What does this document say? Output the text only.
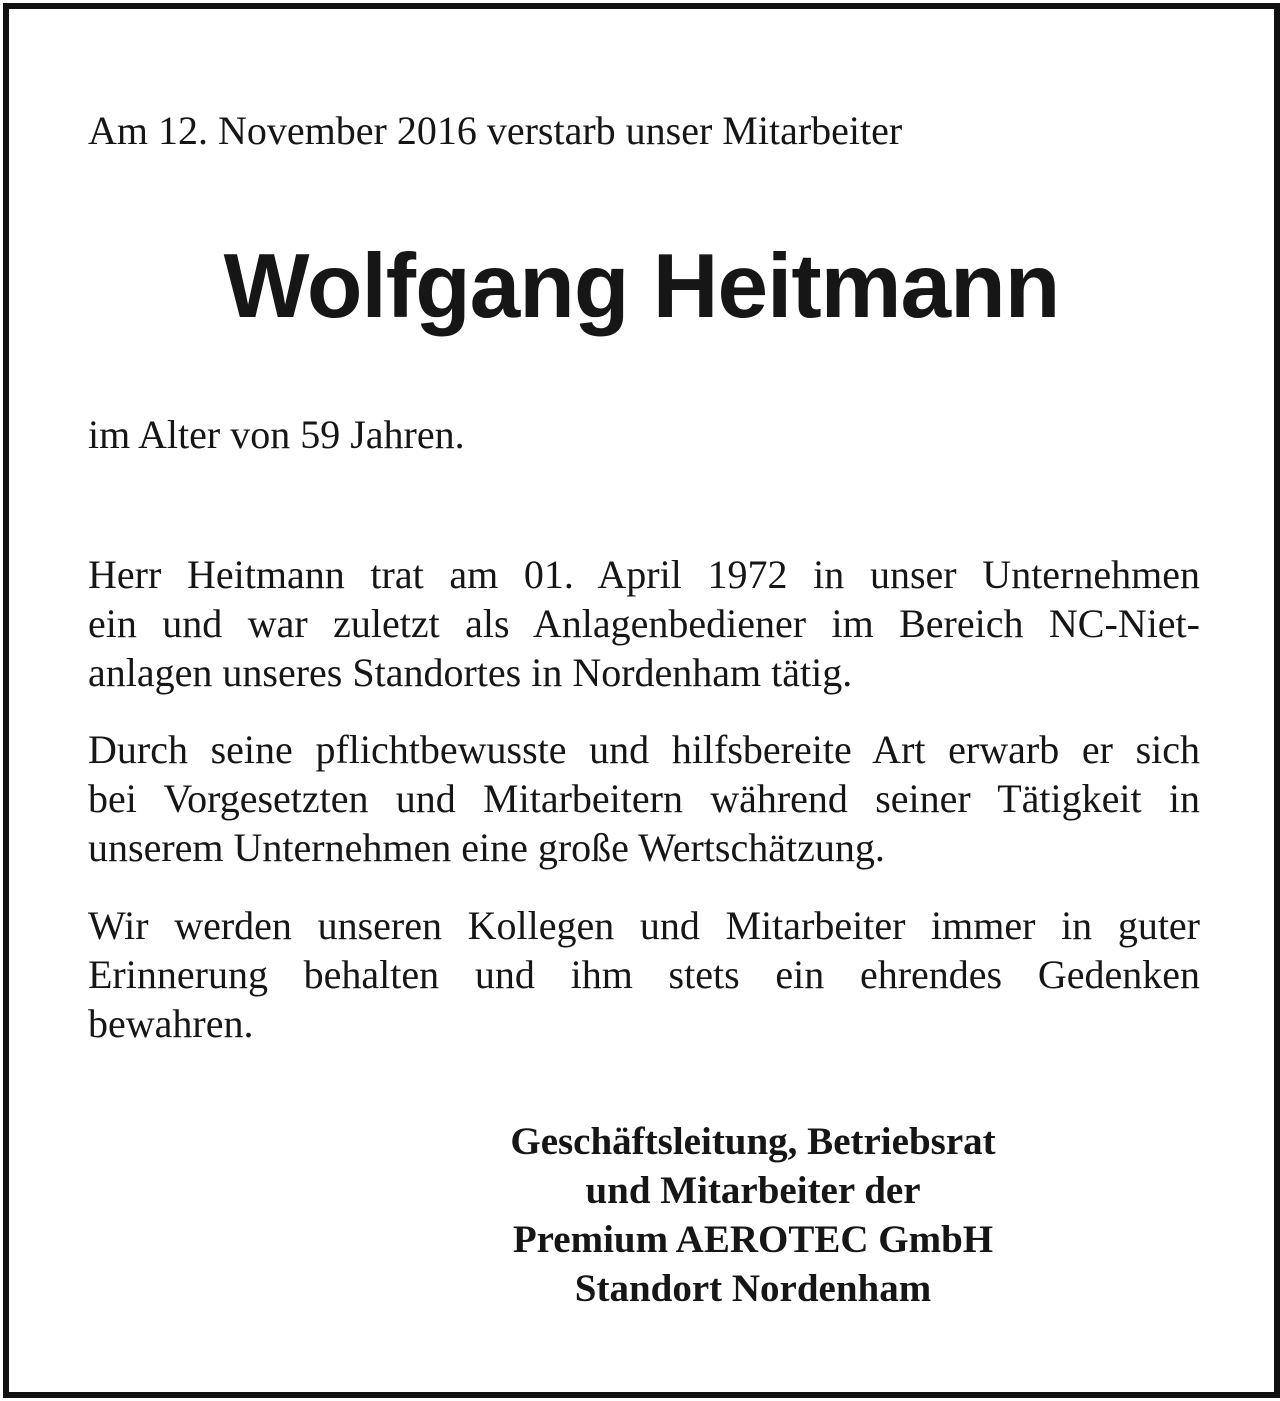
Am 12. November 2016 verstarb unser Mitarbeiter

Wolfgang Heitmann

im Alter von 59 Jahren.

Herr Heitmann trat am 01. April 1972 in unser Unternehmen
ein und war zuletzt als Anlagenbediener im Bereich NC-Niet-
anlagen unseres Standortes in Nordenham tätig.

Durch seine pflichtbewusste und hilfsbereite Art erwarb er sich
bei Vorgesetzten und Mitarbeitern während seiner Tätigkeit in
unserem Unternehmen eine große Wertschätzung.

Wir werden unseren Kollegen und Mitarbeiter immer in guter
Erinnerung behalten und ihm stets ein ehrendes Gedenken
bewahren.

Geschäftsleitung, Betriebsrat
und Mitarbeiter der
Premium AEROTEC GmbH
Standort Nordenham
